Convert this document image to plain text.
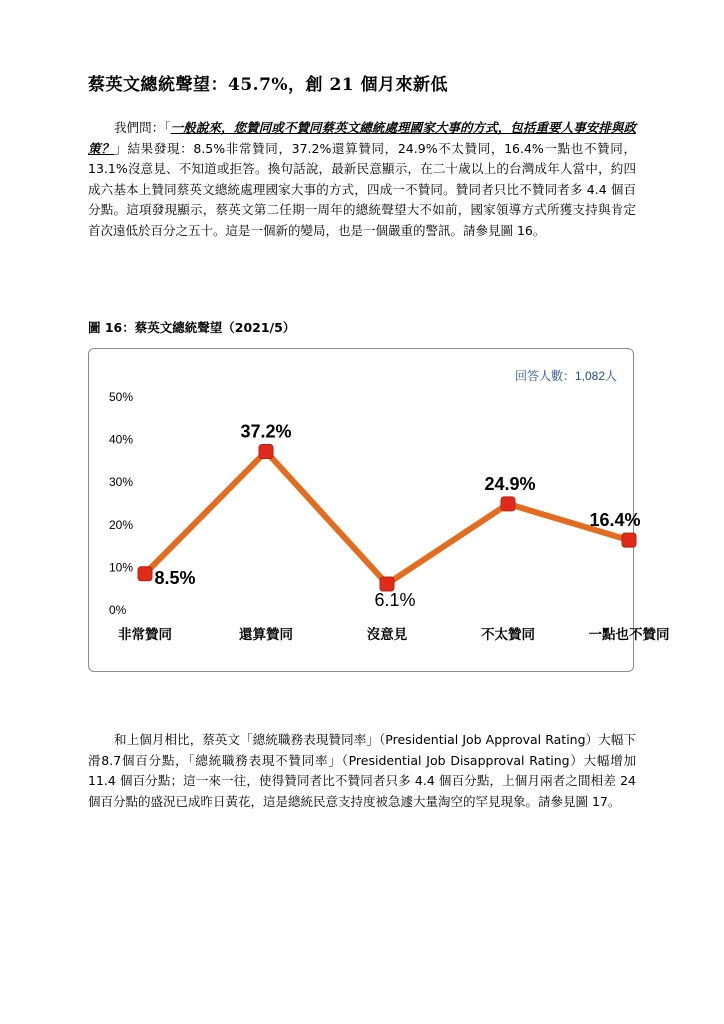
蔡英文總統聲望：45.7%，創 21 個月來新低
我們問：「一般說來，您贊同或不贊同蔡英文總統處理國家大事的方式，包括重要人事安排與政策？」結果發現：8.5%非常贊同，37.2%還算贊同，24.9%不太贊同，16.4%一點也不贊同，13.1%沒意見、不知道或拒答。換句話說，最新民意顯示，在二十歲以上的台灣成年人當中，約四成六基本上贊同蔡英文總統處理國家大事的方式，四成一不贊同。贊同者只比不贊同者多 4.4 個百分點。這項發現顯示，蔡英文第二任期一周年的總統聲望大不如前，國家領導方式所獲支持與肯定首次遠低於百分之五十。這是一個新的變局，也是一個嚴重的警訊。請參見圖 16。
圖 16：蔡英文總統聲望（2021/5）
0%
10%
20%
30%
40%
50%
非常贊同	還算贊同	沒意見	不太贊同	一點也不贊同
8.5%
37.2%
6.1%
24.9%
16.4%
回答人數：1,082人
和上個月相比，蔡英文「總統職務表現贊同率」（Presidential Job Approval Rating）大幅下滑8.7個百分點，「總統職務表現不贊同率」（Presidential Job Disapproval Rating）大幅增加 11.4 個百分點；這一來一往，使得贊同者比不贊同者只多 4.4 個百分點，上個月兩者之間相差 24 個百分點的盛況已成昨日黃花，這是總統民意支持度被急遽大量淘空的罕見現象。請參見圖 17。
